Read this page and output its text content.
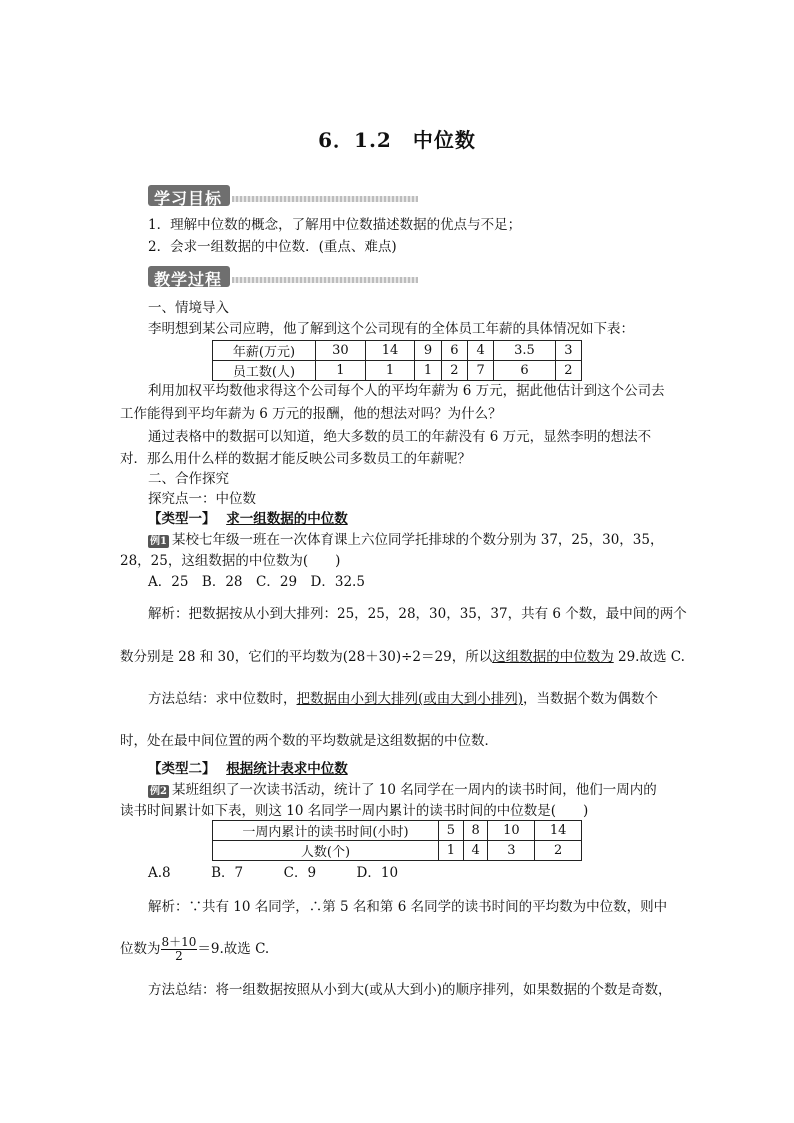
6．1.2　中位数
学习目标
1．理解中位数的概念，了解用中位数描述数据的优点与不足；
2．会求一组数据的中位数．(重点、难点)
教学过程
一、情境导入
李明想到某公司应聘，他了解到这个公司现有的全体员工年薪的具体情况如下表：
年薪(万元)	30	14	9	6	4	3.5	3
员工数(人)	1	1	1	2	7	6	2
利用加权平均数他求得这个公司每个人的平均年薪为 6 万元，据此他估计到这个公司去
工作能得到平均年薪为 6 万元的报酬，他的想法对吗？为什么？
通过表格中的数据可以知道，绝大多数的员工的年薪没有 6 万元，显然李明的想法不
对．那么用什么样的数据才能反映公司多数员工的年薪呢？
二、合作探究
探究点一：中位数
【类型一】 求一组数据的中位数
例1 某校七年级一班在一次体育课上六位同学托排球的个数分别为 37，25，30，35，
28，25，这组数据的中位数为(　　)
A．25　B．28　C．29　D．32.5
解析：把数据按从小到大排列：25，25，28，30，35，37，共有 6 个数，最中间的两个
数分别是 28 和 30，它们的平均数为(28＋30)÷2＝29，所以这组数据的中位数为 29.故选 C.
方法总结：求中位数时，把数据由小到大排列(或由大到小排列)，当数据个数为偶数个
时，处在最中间位置的两个数的平均数就是这组数据的中位数．
【类型二】 根据统计表求中位数
例2 某班组织了一次读书活动，统计了 10 名同学在一周内的读书时间，他们一周内的
读书时间累计如下表，则这 10 名同学一周内累计的读书时间的中位数是(　　)
一周内累计的读书时间(小时)	5	8	10	14
人数(个)	1	4	3	2
A.8　　　B．7　　　C．9　　　D．10
解析：∵共有 10 名同学，∴第 5 名和第 6 名同学的读书时间的平均数为中位数，则中
位数为 $\frac{8+10}{2} =9$.故选 C.
方法总结：将一组数据按照从小到大(或从大到小)的顺序排列，如果数据的个数是奇数，
